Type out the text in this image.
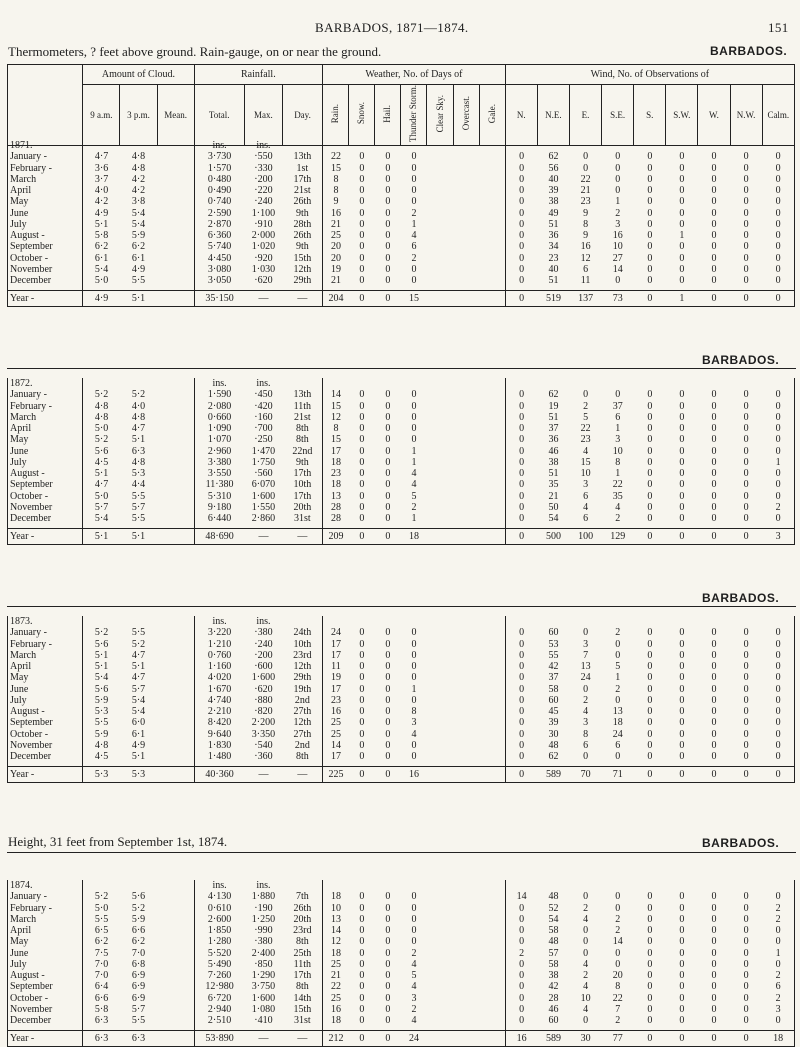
BARBADOS, 1871—1874.	151
Thermometers, ? feet above ground. Rain-gauge, on or near the ground.	BARBADOS.
	Amount of Cloud.			Rainfall.			Weather, No. of Days of							Wind, No. of Observations of								
	9 a.m.	3 p.m.	Mean.	Total.	Max.	Day.	Rain.	Snow.	Hail.	Thunder Storm.	Clear Sky.	Overcast.	Gale.	N.	N.E.	E.	S.E.	S.	S.W.	W.	N.W.	Calm.
1871.				ins.	ins.																	
January -	4·7	4·8		3·730	·550	13th	22	0	0	0				0	62	0	0	0	0	0	0	0
February -	3·6	4·8		1·570	·330	1st	15	0	0	0				0	56	0	0	0	0	0	0	0
March	3·7	4·2		0·480	·200	17th	8	0	0	0				0	40	22	0	0	0	0	0	0
April	4·0	4·2		0·490	·220	21st	8	0	0	0				0	39	21	0	0	0	0	0	0
May	4·2	3·8		0·740	·240	26th	9	0	0	0				0	38	23	1	0	0	0	0	0
June	4·9	5·4		2·590	1·100	9th	16	0	0	2				0	49	9	2	0	0	0	0	0
July	5·1	5·4		2·870	·910	28th	21	0	0	1				0	51	8	3	0	0	0	0	0
August -	5·8	5·9		6·360	2·000	26th	25	0	0	4				0	36	9	16	0	1	0	0	0
September	6·2	6·2		5·740	1·020	9th	20	0	0	6				0	34	16	10	0	0	0	0	0
October -	6·1	6·1		4·450	·920	15th	20	0	0	2				0	23	12	27	0	0	0	0	0
November	5·4	4·9		3·080	1·030	12th	19	0	0	0				0	40	6	14	0	0	0	0	0
December	5·0	5·5		3·050	·620	29th	21	0	0	0				0	51	11	0	0	0	0	0	0

Year -	4·9	5·1		35·150	—	—	204	0	0	15				0	519	137	73	0	1	0	0	0
BARBADOS.
1872.				ins.	ins.																	
January -	5·2	5·2		1·590	·450	13th	14	0	0	0				0	62	0	0	0	0	0	0	0
February -	4·8	4·0		2·080	·420	11th	15	0	0	0				0	19	2	37	0	0	0	0	0
March	4·8	4·8		0·660	·160	21st	12	0	0	0				0	51	5	6	0	0	0	0	0
April	5·0	4·7		1·090	·700	8th	8	0	0	0				0	37	22	1	0	0	0	0	0
May	5·2	5·1		1·070	·250	8th	15	0	0	0				0	36	23	3	0	0	0	0	0
June	5·6	6·3		2·960	1·470	22nd	17	0	0	1				0	46	4	10	0	0	0	0	0
July	4·5	4·8		3·380	1·750	9th	18	0	0	1				0	38	15	8	0	0	0	0	1
August -	5·1	5·3		3·550	·560	17th	23	0	0	4				0	51	10	1	0	0	0	0	0
September	4·7	4·4		11·380	6·070	10th	18	0	0	4				0	35	3	22	0	0	0	0	0
October -	5·0	5·5		5·310	1·600	17th	13	0	0	5				0	21	6	35	0	0	0	0	0
November	5·7	5·7		9·180	1·550	20th	28	0	0	2				0	50	4	4	0	0	0	0	2
December	5·4	5·5		6·440	2·860	31st	28	0	0	1				0	54	6	2	0	0	0	0	0

Year -	5·1	5·1		48·690	—	—	209	0	0	18				0	500	100	129	0	0	0	0	3
BARBADOS.
1873.				ins.	ins.																	
January -	5·2	5·5		3·220	·380	24th	24	0	0	0				0	60	0	2	0	0	0	0	0
February -	5·6	5·2		1·210	·240	10th	17	0	0	0				0	53	3	0	0	0	0	0	0
March	5·1	4·7		0·760	·200	23rd	17	0	0	0				0	55	7	0	0	0	0	0	0
April	5·1	5·1		1·160	·600	12th	11	0	0	0				0	42	13	5	0	0	0	0	0
May	5·4	4·7		4·020	1·600	29th	19	0	0	0				0	37	24	1	0	0	0	0	0
June	5·6	5·7		1·670	·620	19th	17	0	0	1				0	58	0	2	0	0	0	0	0
July	5·9	5·4		4·740	·880	2nd	23	0	0	0				0	60	2	0	0	0	0	0	0
August -	5·3	5·4		2·210	·820	27th	16	0	0	8				0	45	4	13	0	0	0	0	0
September	5·5	6·0		8·420	2·200	12th	25	0	0	3				0	39	3	18	0	0	0	0	0
October -	5·9	6·1		9·640	3·350	27th	25	0	0	4				0	30	8	24	0	0	0	0	0
November	4·8	4·9		1·830	·540	2nd	14	0	0	0				0	48	6	6	0	0	0	0	0
December	4·5	5·1		1·480	·360	8th	17	0	0	0				0	62	0	0	0	0	0	0	0

Year -	5·3	5·3		40·360	—	—	225	0	0	16				0	589	70	71	0	0	0	0	0
Height, 31 feet from September 1st, 1874.	BARBADOS.
1874.				ins.	ins.																	
January -	5·2	5·6		4·130	1·880	7th	18	0	0	0				14	48	0	0	0	0	0	0	0
February -	5·0	5·2		0·610	·190	26th	10	0	0	0				0	52	2	0	0	0	0	0	2
March	5·5	5·9		2·600	1·250	20th	13	0	0	0				0	54	4	2	0	0	0	0	2
April	6·5	6·6		1·850	·990	23rd	14	0	0	0				0	58	0	2	0	0	0	0	0
May	6·2	6·2		1·280	·380	8th	12	0	0	0				0	48	0	14	0	0	0	0	0
June	7·5	7·0		5·520	2·400	25th	18	0	0	2				2	57	0	0	0	0	0	0	1
July	7·0	6·8		5·490	·850	11th	25	0	0	4				0	58	4	0	0	0	0	0	0
August -	7·0	6·9		7·260	1·290	17th	21	0	0	5				0	38	2	20	0	0	0	0	2
September	6·4	6·9		12·980	3·750	8th	22	0	0	4				0	42	4	8	0	0	0	0	6
October -	6·6	6·9		6·720	1·600	14th	25	0	0	3				0	28	10	22	0	0	0	0	2
November	5·8	5·7		2·940	1·080	15th	16	0	0	2				0	46	4	7	0	0	0	0	3
December	6·3	5·5		2·510	·410	31st	18	0	0	4				0	60	0	2	0	0	0	0	0

Year -	6·3	6·3		53·890	—	—	212	0	0	24				16	589	30	77	0	0	0	0	18
